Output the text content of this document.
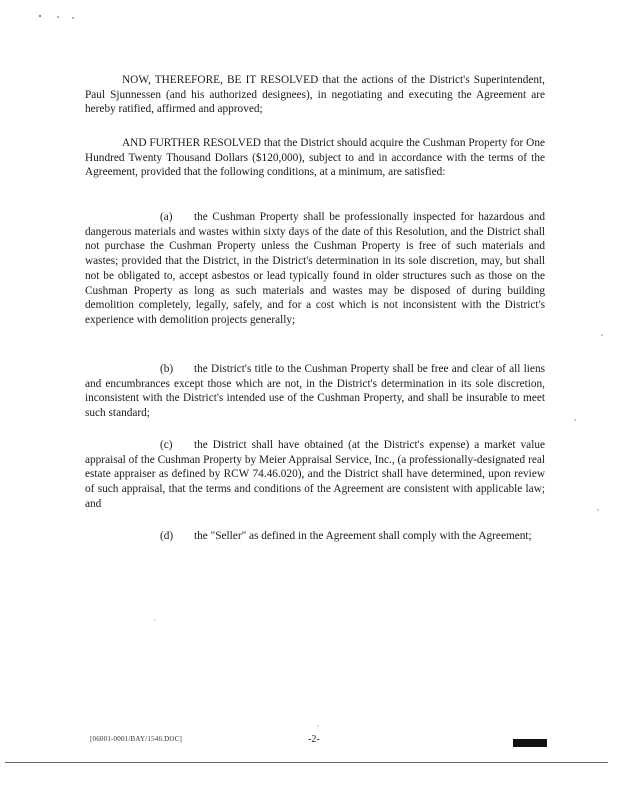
NOW, THEREFORE, BE IT RESOLVED that the actions of the District's Superintendent, Paul Sjunnessen (and his authorized designees), in negotiating and executing the Agreement are hereby ratified, affirmed and approved;

AND FURTHER RESOLVED that the District should acquire the Cushman Property for One Hundred Twenty Thousand Dollars ($120,000), subject to and in accordance with the terms of the Agreement, provided that the following conditions, at a minimum, are satisfied:

(a) the Cushman Property shall be professionally inspected for hazardous and dangerous materials and wastes within sixty days of the date of this Resolution, and the District shall not purchase the Cushman Property unless the Cushman Property is free of such materials and wastes; provided that the District, in the District's determination in its sole discretion, may, but shall not be obligated to, accept asbestos or lead typically found in older structures such as those on the Cushman Property as long as such materials and wastes may be disposed of during building demolition completely, legally, safely, and for a cost which is not inconsistent with the District's experience with demolition projects generally;

(b) the District's title to the Cushman Property shall be free and clear of all liens and encumbrances except those which are not, in the District's determination in its sole discretion, inconsistent with the District's intended use of the Cushman Property, and shall be insurable to meet such standard;

(c) the District shall have obtained (at the District's expense) a market value appraisal of the Cushman Property by Meier Appraisal Service, Inc., (a professionally-designated real estate appraiser as defined by RCW 74.46.020), and the District shall have determined, upon review of such appraisal, that the terms and conditions of the Agreement are consistent with applicable law; and

(d) the "Seller" as defined in the Agreement shall comply with the Agreement;

[06001-0001/BAY/1546.DOC]	-2-
